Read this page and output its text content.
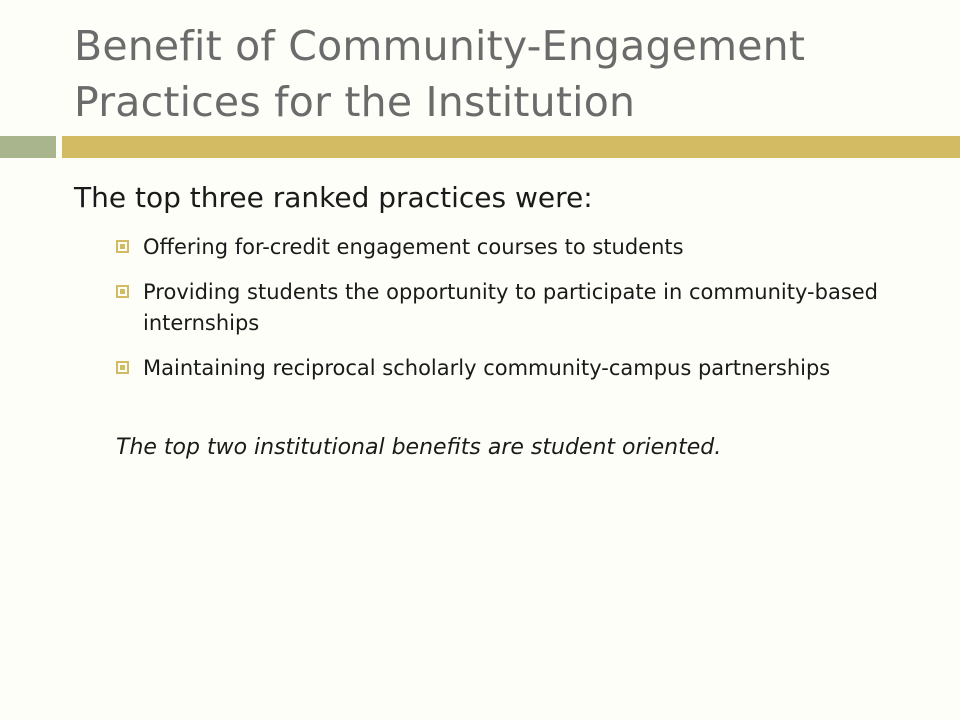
Benefit of Community-Engagement
Practices for the Institution

The top three ranked practices were:

Offering for-credit engagement courses to students
Providing students the opportunity to participate in community-based internships
Maintaining reciprocal scholarly community-campus partnerships

The top two institutional benefits are student oriented.
